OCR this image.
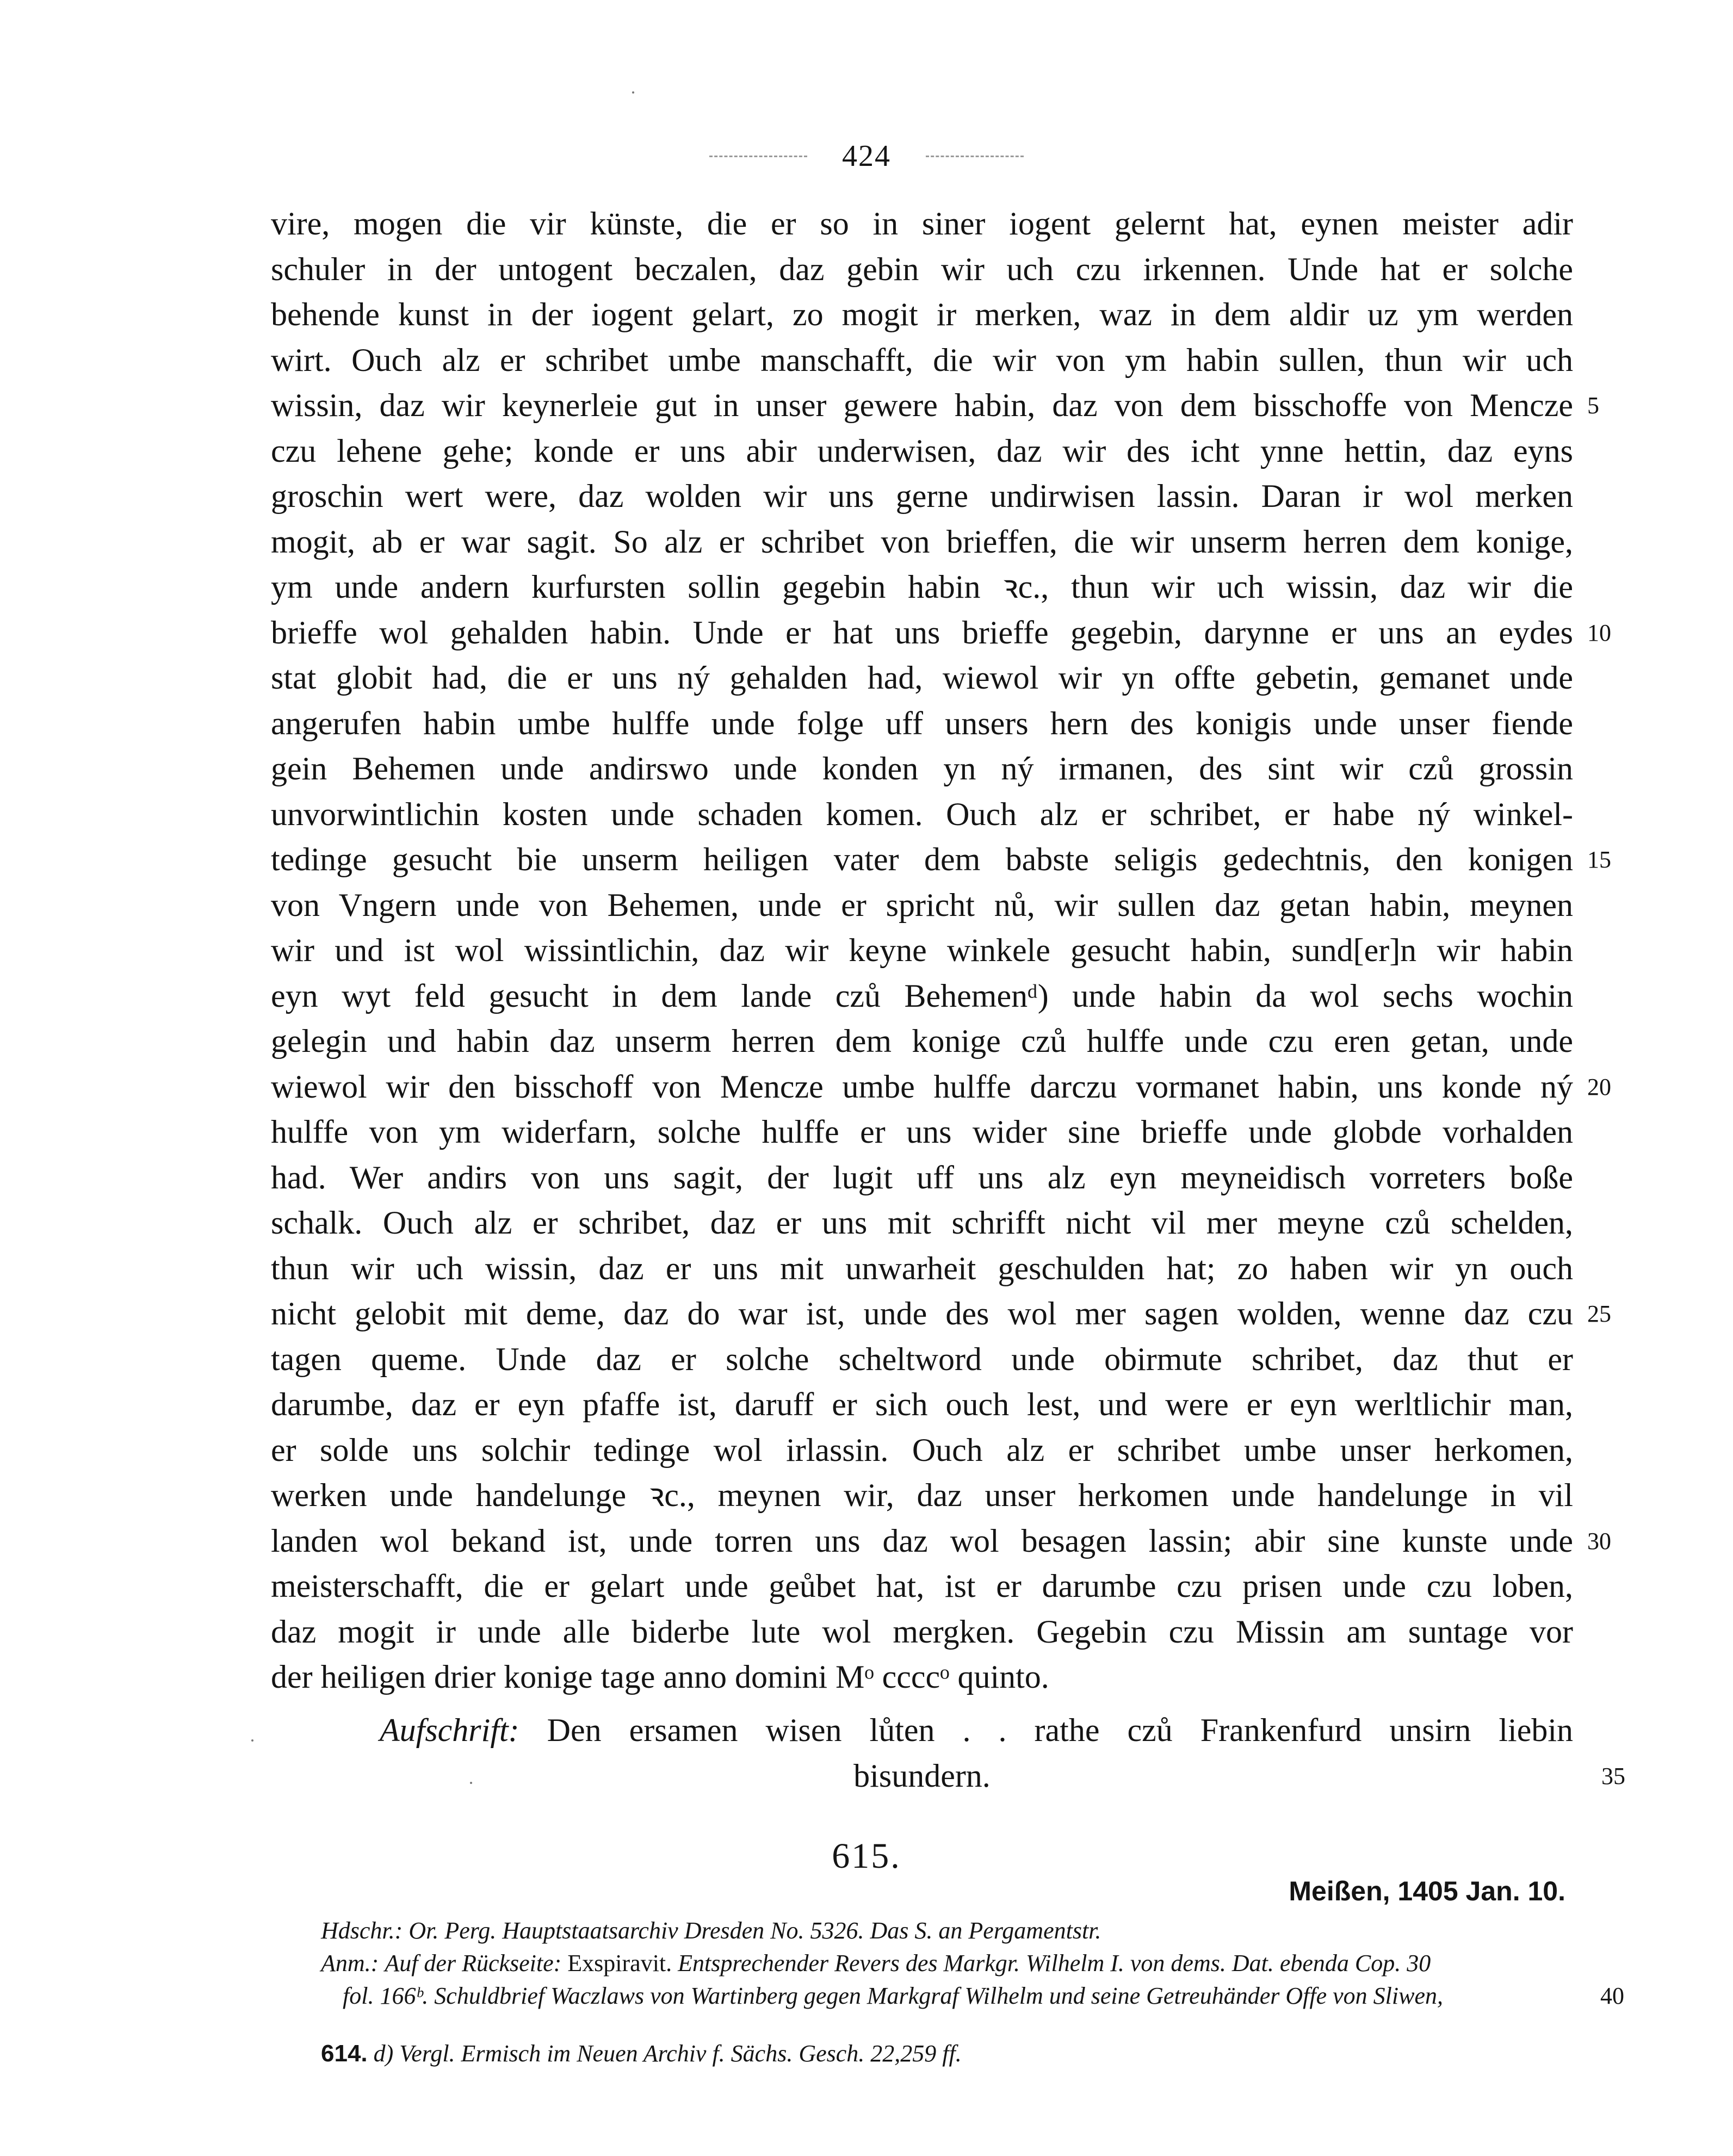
424
vire, mogen die vir künste, die er so in siner iogent gelernt hat, eynen meister adir
schuler in der untogent beczalen, daz gebin wir uch czu irkennen. Unde hat er solche
behende kunst in der iogent gelart, zo mogit ir merken, waz in dem aldir uz ym werden
wirt. Ouch alz er schribet umbe manschafft, die wir von ym habin sullen, thun wir uch
wissin, daz wir keynerleie gut in unser gewere habin, daz von dem bisschoffe von Mencze 5
czu lehene gehe; konde er uns abir underwisen, daz wir des icht ynne hettin, daz eyns
groschin wert were, daz wolden wir uns gerne undirwisen lassin. Daran ir wol merken
mogit, ab er war sagit. So alz er schribet von brieffen, die wir unserm herren dem konige,
ym unde andern kurfursten sollin gegebin habin ꝛc., thun wir uch wissin, daz wir die
brieffe wol gehalden habin. Unde er hat uns brieffe gegebin, darynne er uns an eydes 10
stat globit had, die er uns ný gehalden had, wiewol wir yn offte gebetin, gemanet unde
angerufen habin umbe hulffe unde folge uff unsers hern des konigis unde unser fiende
gein Behemen unde andirswo unde konden yn ný irmanen, des sint wir czů grossin
unvorwintlichin kosten unde schaden komen. Ouch alz er schribet, er habe ný winkel-
tedinge gesucht bie unserm heiligen vater dem babste seligis gedechtnis, den konigen 15
von Vngern unde von Behemen, unde er spricht nů, wir sullen daz getan habin, meynen
wir und ist wol wissintlichin, daz wir keyne winkele gesucht habin, sund[er]n wir habin
eyn wyt feld gesucht in dem lande czů Behemenᵈ) unde habin da wol sechs wochin
gelegin und habin daz unserm herren dem konige czů hulffe unde czu eren getan, unde
wiewol wir den bisschoff von Mencze umbe hulffe darczu vormanet habin, uns konde ný 20
hulffe von ym widerfarn, solche hulffe er uns wider sine brieffe unde globde vorhalden
had. Wer andirs von uns sagit, der lugit uff uns alz eyn meyneidisch vorreters boße
schalk. Ouch alz er schribet, daz er uns mit schrifft nicht vil mer meyne czů schelden,
thun wir uch wissin, daz er uns mit unwarheit geschulden hat; zo haben wir yn ouch
nicht gelobit mit deme, daz do war ist, unde des wol mer sagen wolden, wenne daz czu 25
tagen queme. Unde daz er solche scheltword unde obirmute schribet, daz thut er
darumbe, daz er eyn pfaffe ist, daruff er sich ouch lest, und were er eyn werltlichir man,
er solde uns solchir tedinge wol irlassin. Ouch alz er schribet umbe unser herkomen,
werken unde handelunge ꝛc., meynen wir, daz unser herkomen unde handelunge in vil
landen wol bekand ist, unde torren uns daz wol besagen lassin; abir sine kunste unde 30
meisterschafft, die er gelart unde geůbet hat, ist er darumbe czu prisen unde czu loben,
daz mogit ir unde alle biderbe lute wol mergken. Gegebin czu Missin am suntage vor
der heiligen drier konige tage anno domini Mᵒ ccccᵒ quinto.
Aufschrift: Den ersamen wisen lůten . . rathe czů Frankenfurd unsirn liebin
bisundern.	35
615.
Meißen, 1405 Jan. 10.
Hdschr.: Or. Perg. Hauptstaatsarchiv Dresden No. 5326. Das S. an Pergamentstr.
Anm.: Auf der Rückseite: Exspiravit. Entsprechender Revers des Markgr. Wilhelm I. von dems. Dat. ebenda Cop. 30
fol. 166ᵇ. Schuldbrief Waczlaws von Wartinberg gegen Markgraf Wilhelm und seine Getreuhänder Offe von Sliwen,	40
614. d) Vergl. Ermisch im Neuen Archiv f. Sächs. Gesch. 22,259 ff.
